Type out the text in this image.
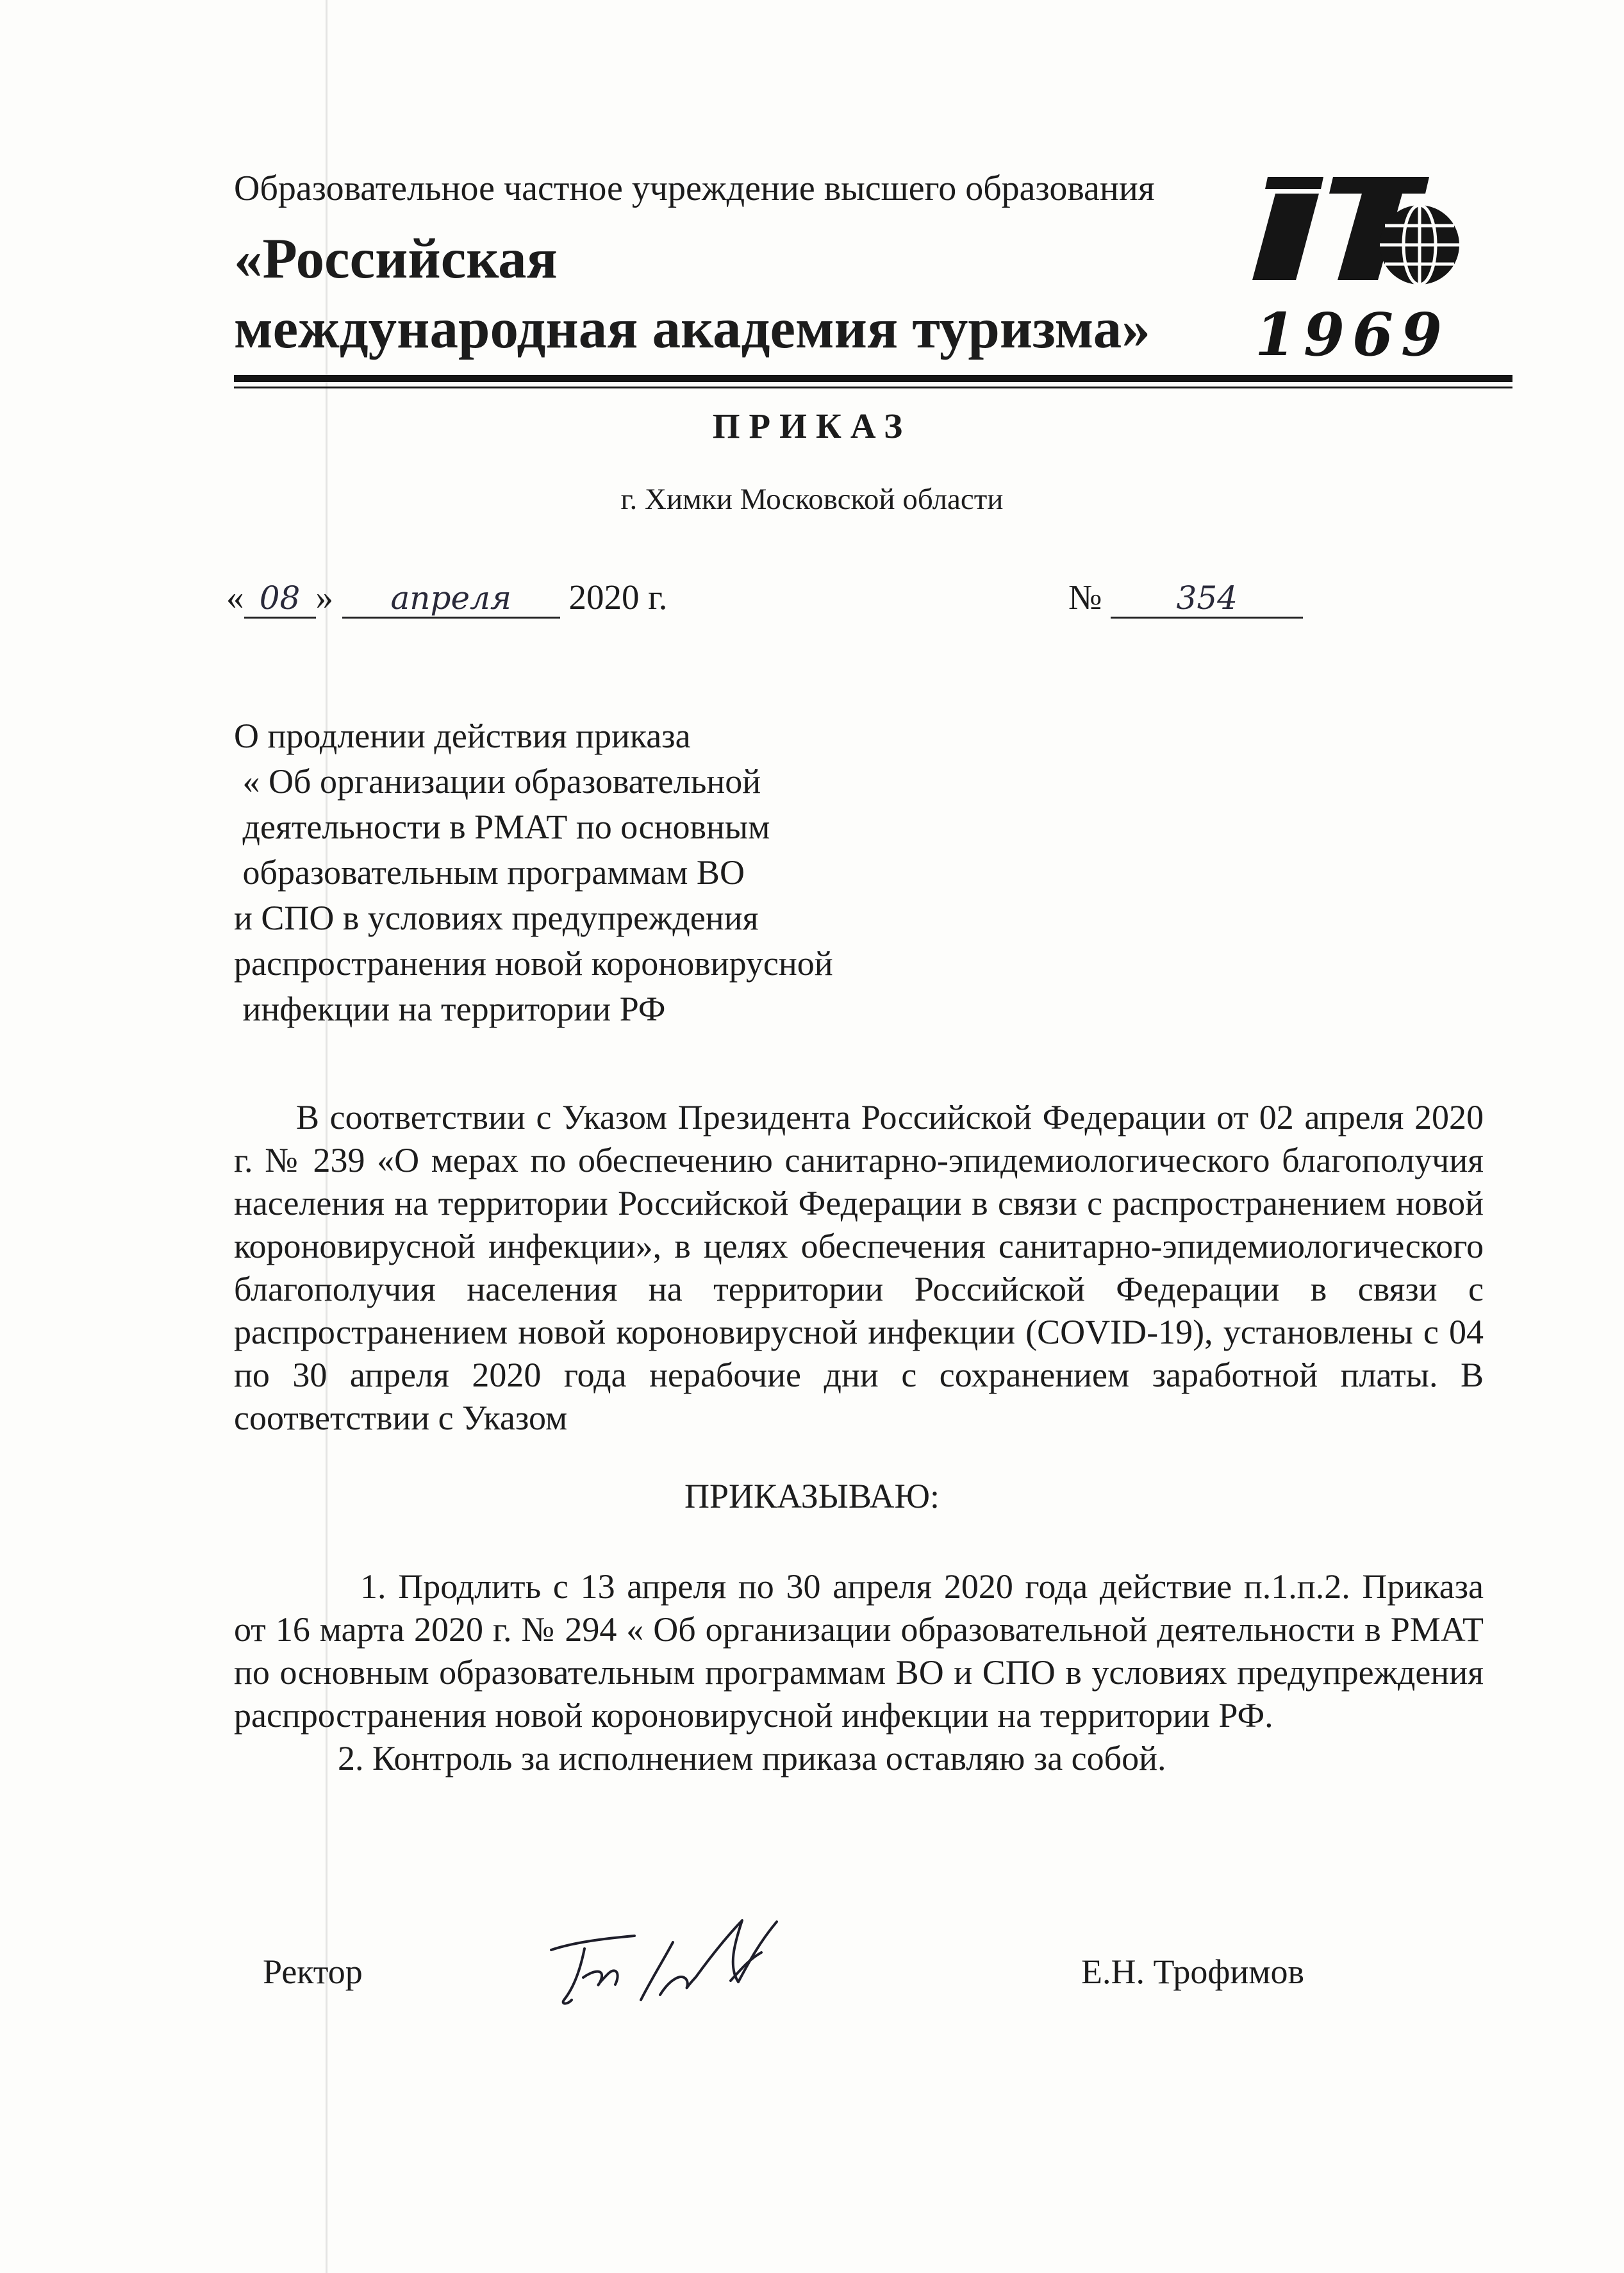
Образовательное частное учреждение высшего образования
«Российская
международная академия туризма» 1969
ПРИКАЗ
г. Химки Московской области
« 08 » апреля 2020 г.	№ 354
О продлении действия приказа
« Об организации образовательной
деятельности в РМАТ по основным
образовательным программам ВО
и СПО в условиях предупреждения
распространения новой короновирусной
инфекции на территории РФ

В соответствии с Указом Президента Российской Федерации от 02 апреля 2020 г. № 239 «О мерах по обеспечению санитарно-эпидемиологического благополучия населения на территории Российской Федерации в связи с распространением новой короновирусной инфекции», в целях обеспечения санитарно-эпидемиологического благополучия населения на территории Российской Федерации в связи с распространением новой короновирусной инфекции (COVID-19), установлены с 04 по 30 апреля 2020 года нерабочие дни с сохранением заработной платы. В соответствии с Указом

ПРИКАЗЫВАЮ:

1. Продлить с 13 апреля по 30 апреля 2020 года действие п.1.п.2. Приказа от 16 марта 2020 г. № 294 « Об организации образовательной деятельности в РМАТ по основным образовательным программам ВО и СПО в условиях предупреждения распространения новой короновирусной инфекции на территории РФ.

2. Контроль за исполнением приказа оставляю за собой.

Ректор	Е.Н. Трофимов
